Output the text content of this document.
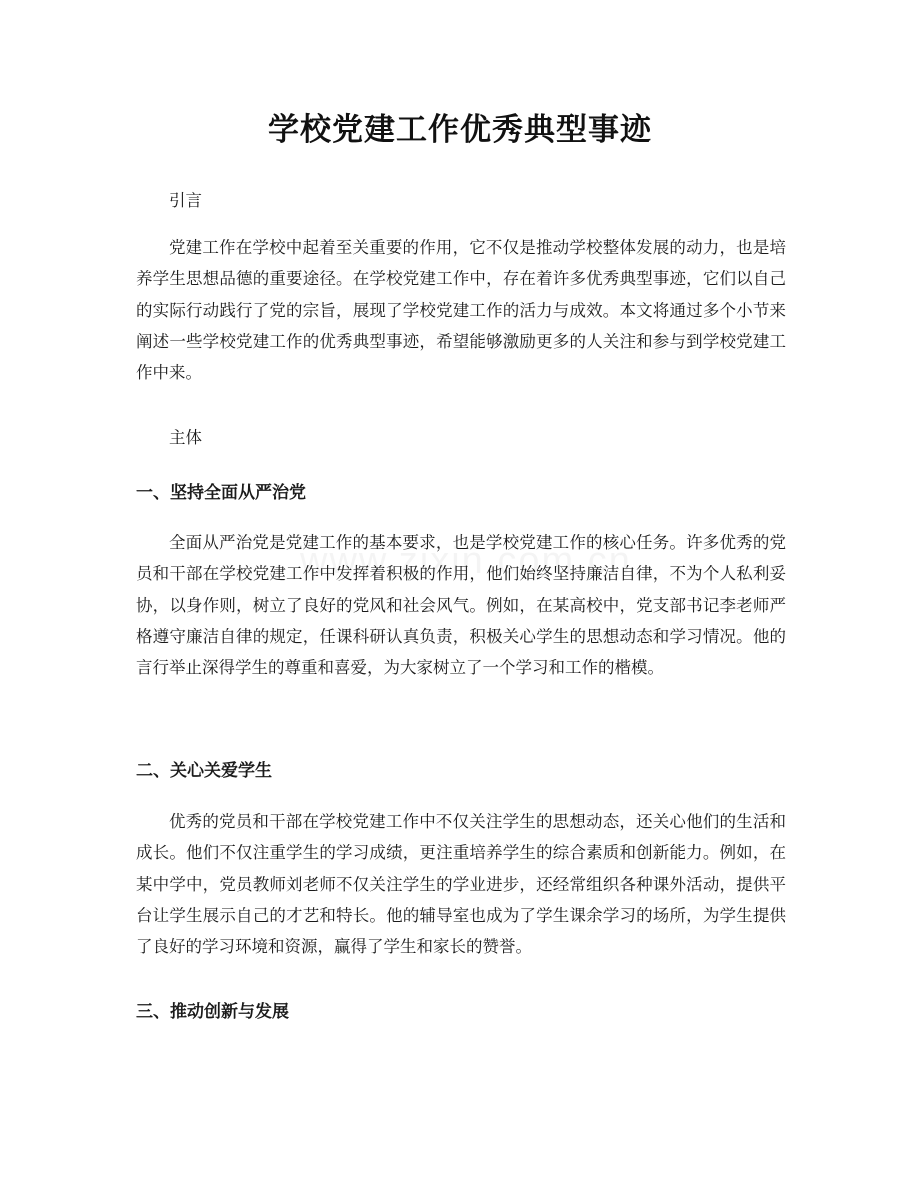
学校党建工作优秀典型事迹

引言

党建工作在学校中起着至关重要的作用，它不仅是推动学校整体发展的动力，也是培养学生思想品德的重要途径。在学校党建工作中，存在着许多优秀典型事迹，它们以自己的实际行动践行了党的宗旨，展现了学校党建工作的活力与成效。本文将通过多个小节来阐述一些学校党建工作的优秀典型事迹，希望能够激励更多的人关注和参与到学校党建工作中来。

主体

一、坚持全面从严治党

全面从严治党是党建工作的基本要求，也是学校党建工作的核心任务。许多优秀的党员和干部在学校党建工作中发挥着积极的作用，他们始终坚持廉洁自律，不为个人私利妥协，以身作则，树立了良好的党风和社会风气。例如，在某高校中，党支部书记李老师严格遵守廉洁自律的规定，任课科研认真负责，积极关心学生的思想动态和学习情况。他的言行举止深得学生的尊重和喜爱，为大家树立了一个学习和工作的楷模。

二、关心关爱学生

优秀的党员和干部在学校党建工作中不仅关注学生的思想动态，还关心他们的生活和成长。他们不仅注重学生的学习成绩，更注重培养学生的综合素质和创新能力。例如，在某中学中，党员教师刘老师不仅关注学生的学业进步，还经常组织各种课外活动，提供平台让学生展示自己的才艺和特长。他的辅导室也成为了学生课余学习的场所，为学生提供了良好的学习环境和资源，赢得了学生和家长的赞誉。

三、推动创新与发展
